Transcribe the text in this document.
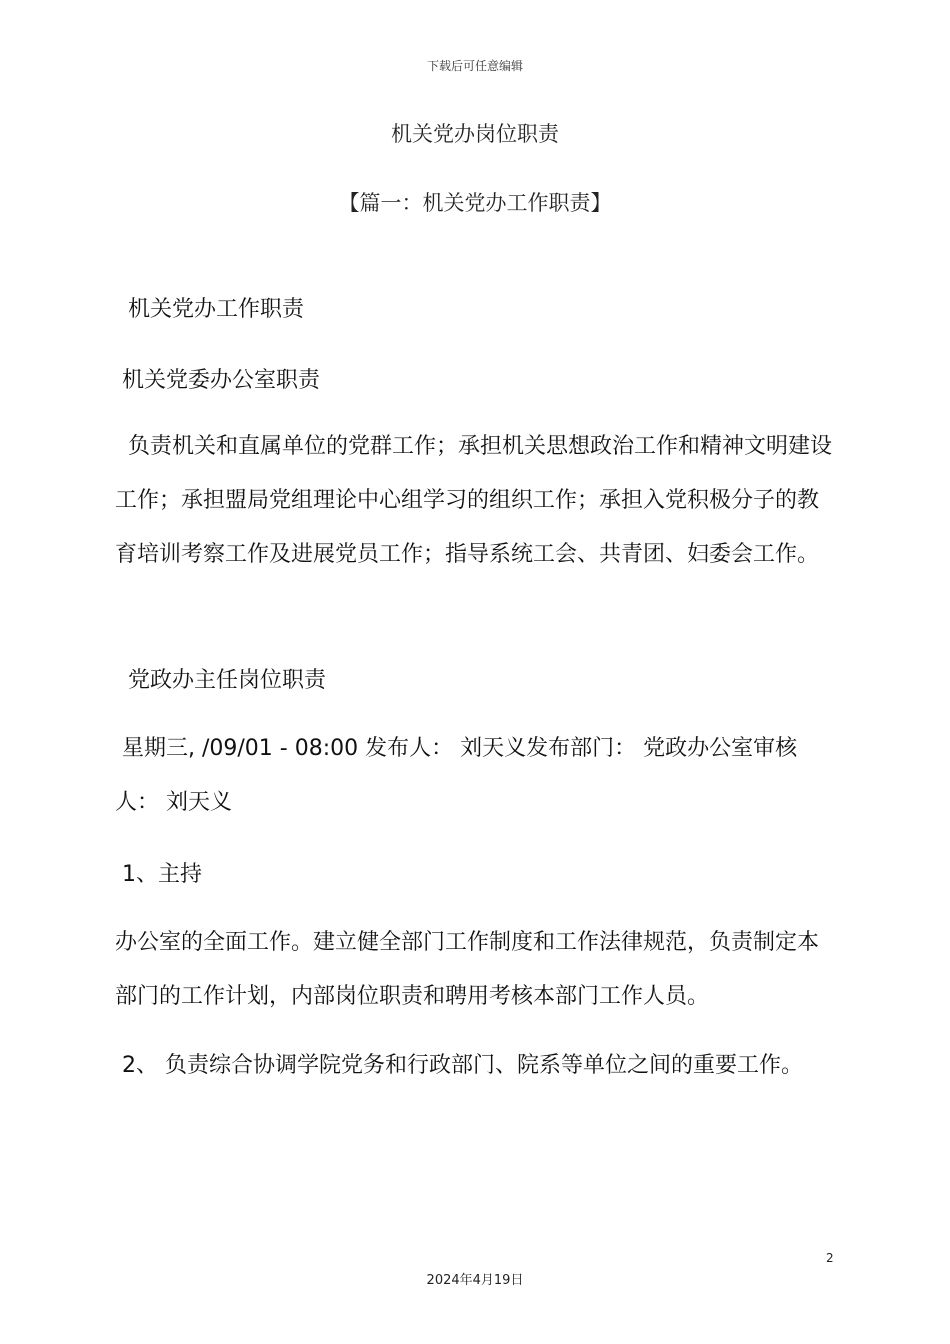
下载后可任意编辑
机关党办岗位职责
【篇一：机关党办工作职责】
机关党办工作职责
机关党委办公室职责

负责机关和直属单位的党群工作；承担机关思想政治工作和精神文明建设工作；承担盟局党组理论中心组学习的组织工作；承担入党积极分子的教育培训考察工作及进展党员工作；指导系统工会、共青团、妇委会工作。

党政办主任岗位职责

星期三, /09/01 - 08:00 发布人： 刘天义发布部门： 党政办公室审核人： 刘天义

1、主持

办公室的全面工作。建立健全部门工作制度和工作法律规范，负责制定本部门的工作计划，内部岗位职责和聘用考核本部门工作人员。

2、 负责综合协调学院党务和行政部门、院系等单位之间的重要工作。

2
2024年4月19日
